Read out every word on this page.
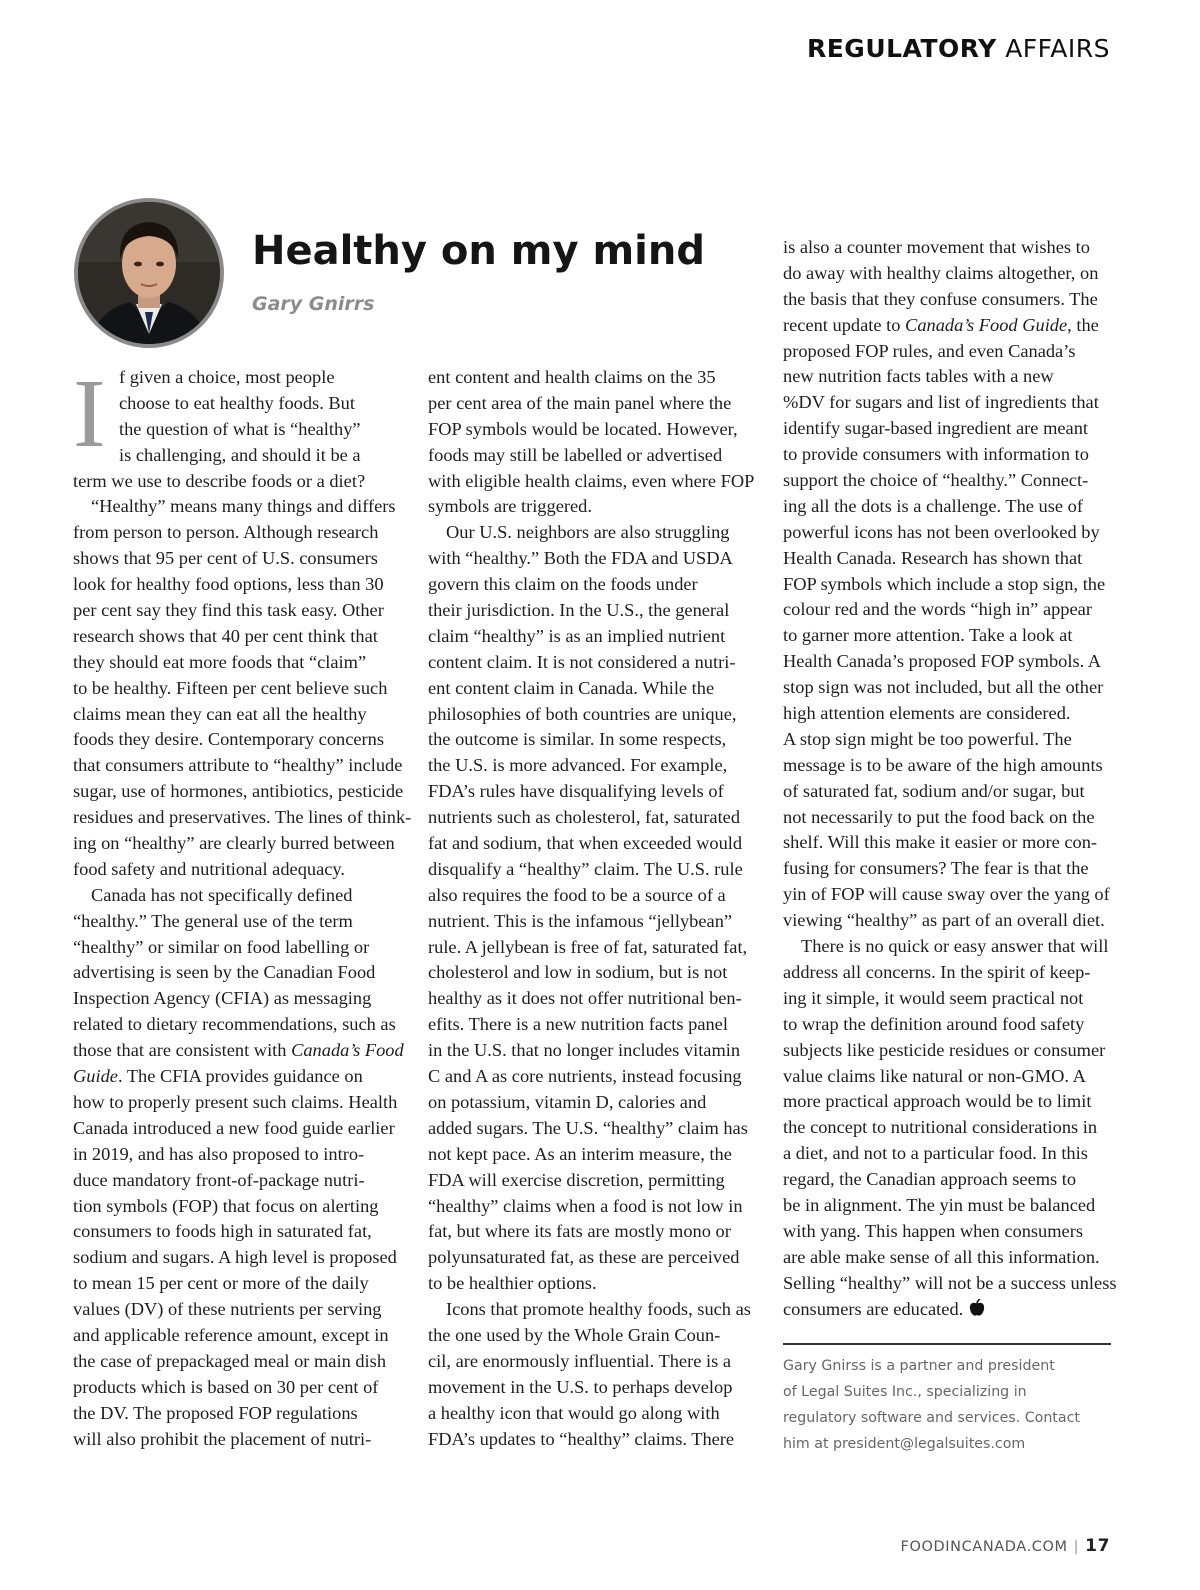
REGULATORY AFFAIRS
Healthy on my mind
Gary Gnirrs
I f given a choice, most people
choose to eat healthy foods. But
the question of what is “healthy”
is challenging, and should it be a
term we use to describe foods or a diet?
“Healthy” means many things and differs
from person to person. Although research
shows that 95 per cent of U.S. consumers
look for healthy food options, less than 30
per cent say they find this task easy. Other
research shows that 40 per cent think that
they should eat more foods that “claim”
to be healthy. Fifteen per cent believe such
claims mean they can eat all the healthy
foods they desire. Contemporary concerns
that consumers attribute to “healthy” include
sugar, use of hormones, antibiotics, pesticide
residues and preservatives. The lines of think-
ing on “healthy” are clearly burred between
food safety and nutritional adequacy.
Canada has not specifically defined
“healthy.” The general use of the term
“healthy” or similar on food labelling or
advertising is seen by the Canadian Food
Inspection Agency (CFIA) as messaging
related to dietary recommendations, such as
those that are consistent with Canada’s Food
Guide. The CFIA provides guidance on
how to properly present such claims. Health
Canada introduced a new food guide earlier
in 2019, and has also proposed to intro-
duce mandatory front-of-package nutri-
tion symbols (FOP) that focus on alerting
consumers to foods high in saturated fat,
sodium and sugars. A high level is proposed
to mean 15 per cent or more of the daily
values (DV) of these nutrients per serving
and applicable reference amount, except in
the case of prepackaged meal or main dish
products which is based on 30 per cent of
the DV. The proposed FOP regulations
will also prohibit the placement of nutri-
ent content and health claims on the 35
per cent area of the main panel where the
FOP symbols would be located. However,
foods may still be labelled or advertised
with eligible health claims, even where FOP
symbols are triggered.
Our U.S. neighbors are also struggling
with “healthy.” Both the FDA and USDA
govern this claim on the foods under
their jurisdiction. In the U.S., the general
claim “healthy” is as an implied nutrient
content claim. It is not considered a nutri-
ent content claim in Canada. While the
philosophies of both countries are unique,
the outcome is similar. In some respects,
the U.S. is more advanced. For example,
FDA’s rules have disqualifying levels of
nutrients such as cholesterol, fat, saturated
fat and sodium, that when exceeded would
disqualify a “healthy” claim. The U.S. rule
also requires the food to be a source of a
nutrient. This is the infamous “jellybean”
rule. A jellybean is free of fat, saturated fat,
cholesterol and low in sodium, but is not
healthy as it does not offer nutritional ben-
efits. There is a new nutrition facts panel
in the U.S. that no longer includes vitamin
C and A as core nutrients, instead focusing
on potassium, vitamin D, calories and
added sugars. The U.S. “healthy” claim has
not kept pace. As an interim measure, the
FDA will exercise discretion, permitting
“healthy” claims when a food is not low in
fat, but where its fats are mostly mono or
polyunsaturated fat, as these are perceived
to be healthier options.
Icons that promote healthy foods, such as
the one used by the Whole Grain Coun-
cil, are enormously influential. There is a
movement in the U.S. to perhaps develop
a healthy icon that would go along with
FDA’s updates to “healthy” claims. There
is also a counter movement that wishes to
do away with healthy claims altogether, on
the basis that they confuse consumers. The
recent update to Canada’s Food Guide, the
proposed FOP rules, and even Canada’s
new nutrition facts tables with a new
%DV for sugars and list of ingredients that
identify sugar-based ingredient are meant
to provide consumers with information to
support the choice of “healthy.” Connect-
ing all the dots is a challenge. The use of
powerful icons has not been overlooked by
Health Canada. Research has shown that
FOP symbols which include a stop sign, the
colour red and the words “high in” appear
to garner more attention. Take a look at
Health Canada’s proposed FOP symbols. A
stop sign was not included, but all the other
high attention elements are considered.
A stop sign might be too powerful. The
message is to be aware of the high amounts
of saturated fat, sodium and/or sugar, but
not necessarily to put the food back on the
shelf. Will this make it easier or more con-
fusing for consumers? The fear is that the
yin of FOP will cause sway over the yang of
viewing “healthy” as part of an overall diet.
There is no quick or easy answer that will
address all concerns. In the spirit of keep-
ing it simple, it would seem practical not
to wrap the definition around food safety
subjects like pesticide residues or consumer
value claims like natural or non-GMO. A
more practical approach would be to limit
the concept to nutritional considerations in
a diet, and not to a particular food. In this
regard, the Canadian approach seems to
be in alignment. The yin must be balanced
with yang. This happen when consumers
are able make sense of all this information.
Selling “healthy” will not be a success unless
consumers are educated.
Gary Gnirss is a partner and president
of Legal Suites Inc., specializing in
regulatory software and services. Contact
him at president@legalsuites.com
FOODINCANADA.COM | 17
